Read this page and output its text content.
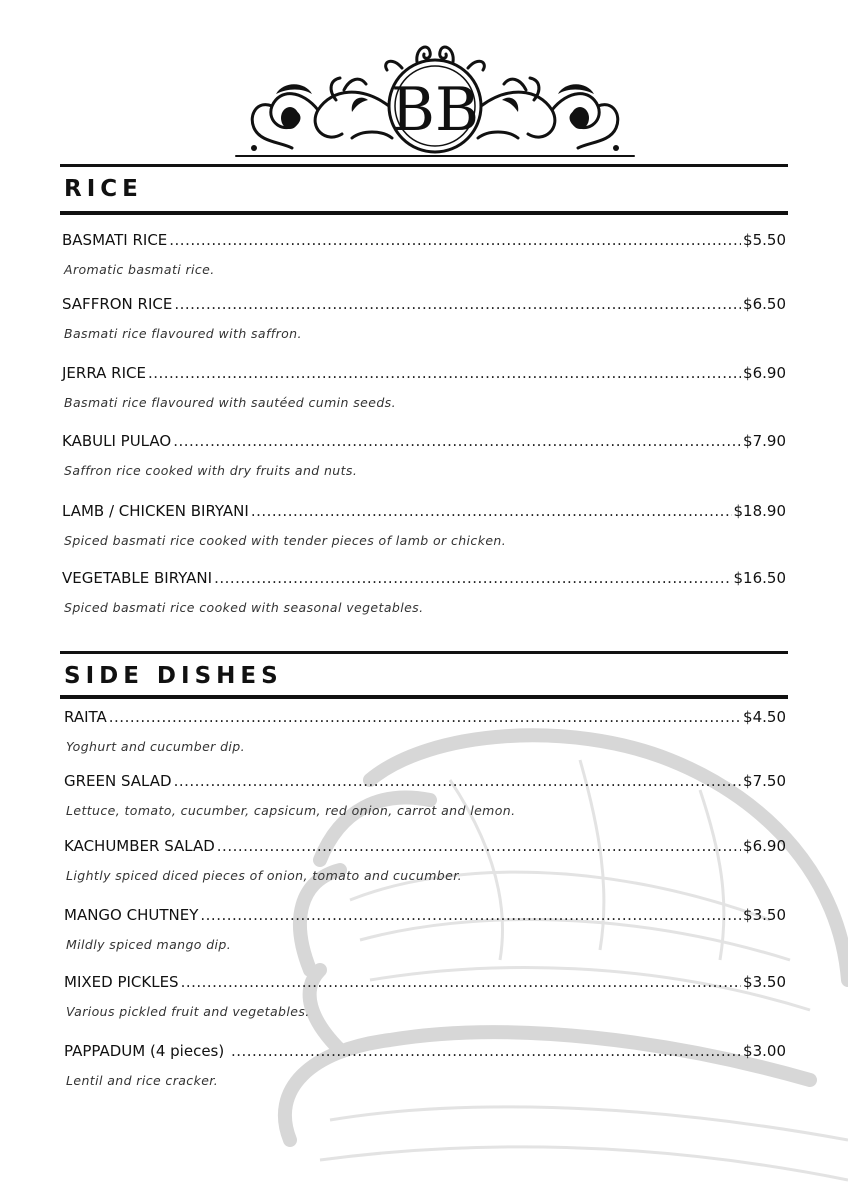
BB
RICE
SIDE DISHES
BASMATI RICE .....	$5.50
Aromatic basmati rice.
SAFFRON RICE .....	$6.50
Basmati rice flavoured with saffron.
JERRA RICE .....	$6.90
Basmati rice flavoured with sautéed cumin seeds.
KABULI PULAO .....	$7.90
Saffron rice cooked with dry fruits and nuts.
LAMB / CHICKEN BIRYANI .....	$18.90
Spiced basmati rice cooked with tender pieces of lamb or chicken.
VEGETABLE BIRYANI .....	$16.50
Spiced basmati rice cooked with seasonal vegetables.
RAITA .....	$4.50
Yoghurt and cucumber dip.
GREEN SALAD .....	$7.50
Lettuce, tomato, cucumber, capsicum, red onion, carrot and lemon.
KACHUMBER SALAD .....	$6.90
Lightly spiced diced pieces of onion, tomato and cucumber.
MANGO CHUTNEY .....	$3.50
Mildly spiced mango dip.
MIXED PICKLES .....	$3.50
Various pickled fruit and vegetables.
PAPPADUM (4 pieces) .....	$3.00
Lentil and rice cracker.
